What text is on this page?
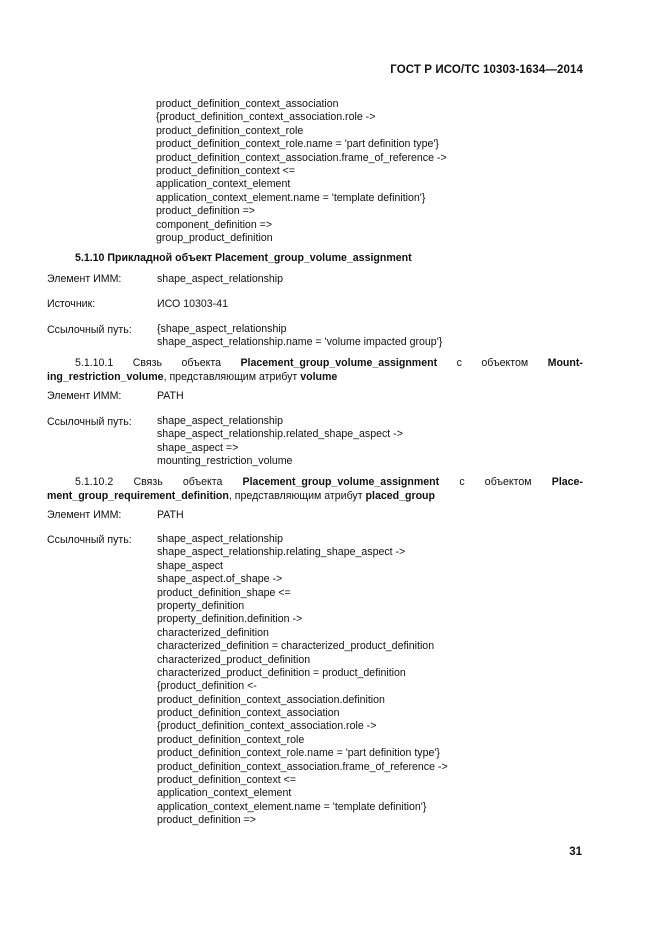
ГОСТ Р ИСО/ТС 10303-1634—2014
product_definition_context_association
{product_definition_context_association.role ->
product_definition_context_role
product_definition_context_role.name = 'part definition type'}
product_definition_context_association.frame_of_reference ->
product_definition_context <=
application_context_element
application_context_element.name = 'template definition'}
product_definition =>
component_definition =>
group_product_definition
5.1.10 Прикладной объект Placement_group_volume_assignment
Элемент ИММ:	shape_aspect_relationship
Источник:	ИСО 10303-41
Ссылочный путь: {shape_aspect_relationship
shape_aspect_relationship.name = 'volume impacted group'}
5.1.10.1 Связь объекта Placement_group_volume_assignment с объектом Mount-
ing_restriction_volume, представляющим атрибут volume
Элемент ИММ:	PATH
Ссылочный путь: shape_aspect_relationship
shape_aspect_relationship.related_shape_aspect ->
shape_aspect =>
mounting_restriction_volume
5.1.10.2 Связь объекта Placement_group_volume_assignment с объектом Place-
ment_group_requirement_definition, представляющим атрибут placed_group
Элемент ИММ:	PATH
Ссылочный путь: shape_aspect_relationship
shape_aspect_relationship.relating_shape_aspect ->
shape_aspect
shape_aspect.of_shape ->
product_definition_shape <=
property_definition
property_definition.definition ->
characterized_definition
characterized_definition = characterized_product_definition
characterized_product_definition
characterized_product_definition = product_definition
{product_definition <-
product_definition_context_association.definition
product_definition_context_association
{product_definition_context_association.role ->
product_definition_context_role
product_definition_context_role.name = 'part definition type'}
product_definition_context_association.frame_of_reference ->
product_definition_context <=
application_context_element
application_context_element.name = 'template definition'}
product_definition =>
31
